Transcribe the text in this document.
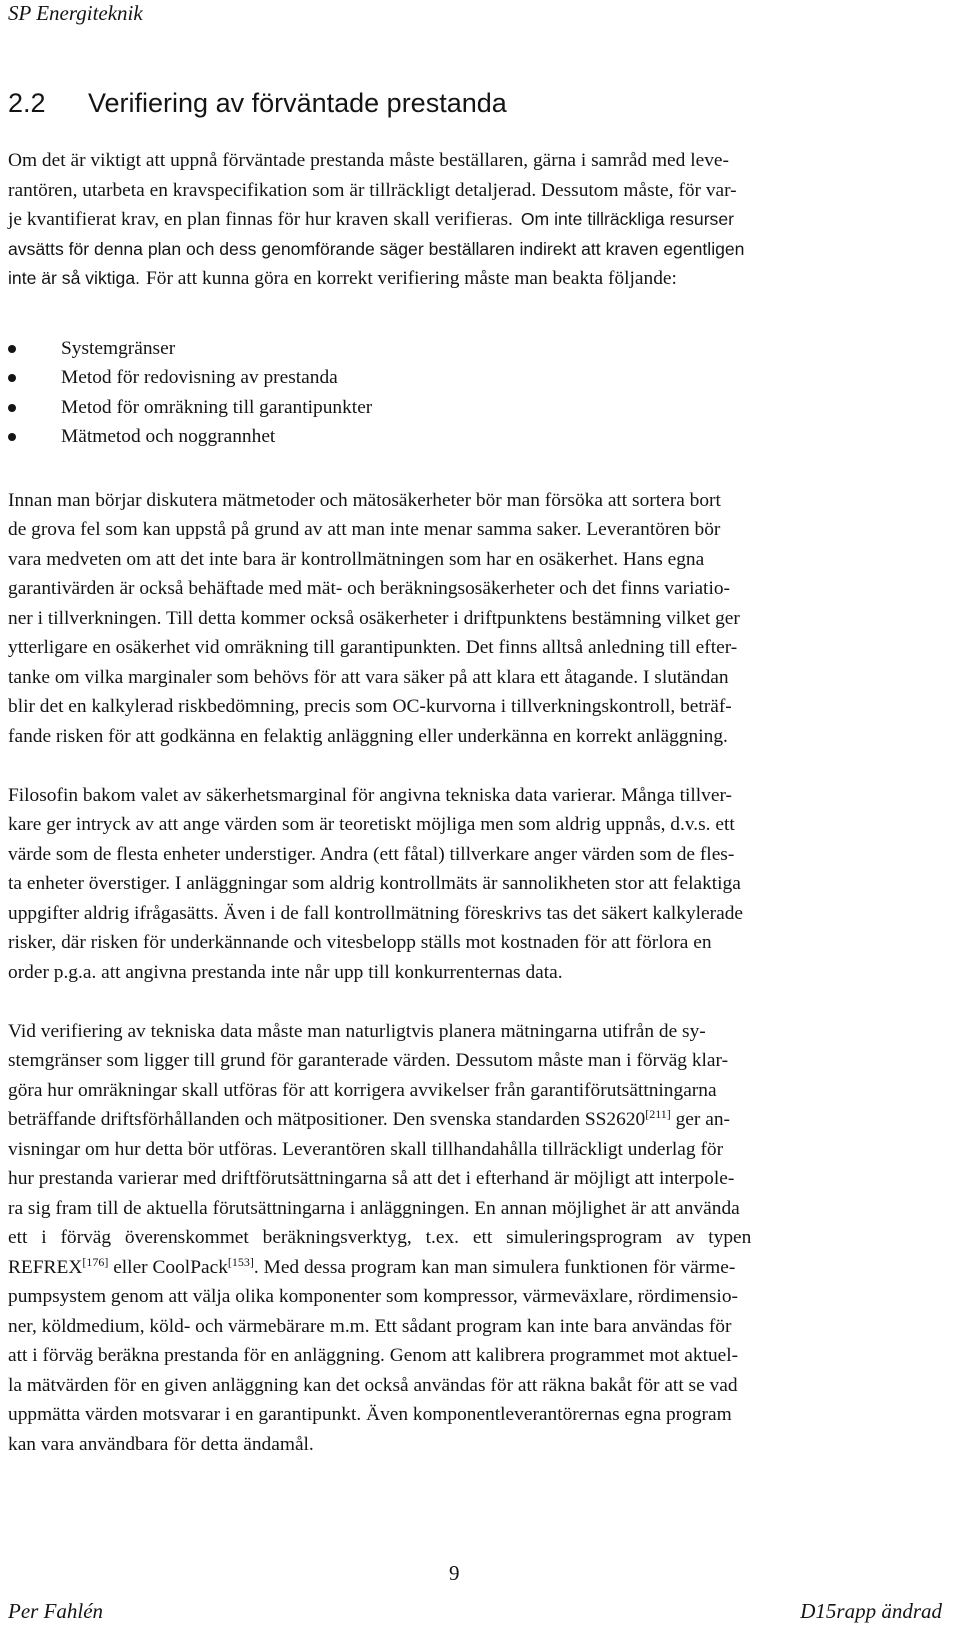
SP Energiteknik
2.2 Verifiering av förväntade prestanda
Om det är viktigt att uppnå förväntade prestanda måste beställaren, gärna i samråd med leve-
rantören, utarbeta en kravspecifikation som är tillräckligt detaljerad. Dessutom måste, för var-
je kvantifierat krav, en plan finnas för hur kraven skall verifieras. Om inte tillräckliga resurser
avsätts för denna plan och dess genomförande säger beställaren indirekt att kraven egentligen
inte är så viktiga. För att kunna göra en korrekt verifiering måste man beakta följande:
Systemgränser
Metod för redovisning av prestanda
Metod för omräkning till garantipunkter
Mätmetod och noggrannhet
Innan man börjar diskutera mätmetoder och mätosäkerheter bör man försöka att sortera bort
de grova fel som kan uppstå på grund av att man inte menar samma saker. Leverantören bör
vara medveten om att det inte bara är kontrollmätningen som har en osäkerhet. Hans egna
garantivärden är också behäftade med mät- och beräkningsosäkerheter och det finns variatio-
ner i tillverkningen. Till detta kommer också osäkerheter i driftpunktens bestämning vilket ger
ytterligare en osäkerhet vid omräkning till garantipunkten. Det finns alltså anledning till efter-
tanke om vilka marginaler som behövs för att vara säker på att klara ett åtagande. I slutändan
blir det en kalkylerad riskbedömning, precis som OC-kurvorna i tillverkningskontroll, beträf-
fande risken för att godkänna en felaktig anläggning eller underkänna en korrekt anläggning.
Filosofin bakom valet av säkerhetsmarginal för angivna tekniska data varierar. Många tillver-
kare ger intryck av att ange värden som är teoretiskt möjliga men som aldrig uppnås, d.v.s. ett
värde som de flesta enheter understiger. Andra (ett fåtal) tillverkare anger värden som de fles-
ta enheter överstiger. I anläggningar som aldrig kontrollmäts är sannolikheten stor att felaktiga
uppgifter aldrig ifrågasätts. Även i de fall kontrollmätning föreskrivs tas det säkert kalkylerade
risker, där risken för underkännande och vitesbelopp ställs mot kostnaden för att förlora en
order p.g.a. att angivna prestanda inte når upp till konkurrenternas data.
Vid verifiering av tekniska data måste man naturligtvis planera mätningarna utifrån de sy-
stemgränser som ligger till grund för garanterade värden. Dessutom måste man i förväg klar-
göra hur omräkningar skall utföras för att korrigera avvikelser från garantiförutsättningarna
beträffande driftsförhållanden och mätpositioner. Den svenska standarden SS2620[211] ger an-
visningar om hur detta bör utföras. Leverantören skall tillhandahålla tillräckligt underlag för
hur prestanda varierar med driftförutsättningarna så att det i efterhand är möjligt att interpole-
ra sig fram till de aktuella förutsättningarna i anläggningen. En annan möjlighet är att använda
ett i förväg överenskommet beräkningsverktyg, t.ex. ett simuleringsprogram av typen
REFREX[176] eller CoolPack[153]. Med dessa program kan man simulera funktionen för värme-
pumpsystem genom att välja olika komponenter som kompressor, värmeväxlare, rördimensio-
ner, köldmedium, köld- och värmebärare m.m. Ett sådant program kan inte bara användas för
att i förväg beräkna prestanda för en anläggning. Genom att kalibrera programmet mot aktuel-
la mätvärden för en given anläggning kan det också användas för att räkna bakåt för att se vad
uppmätta värden motsvarar i en garantipunkt. Även komponentleverantörernas egna program
kan vara användbara för detta ändamål.
9
Per Fahlén	D15rapp ändrad
